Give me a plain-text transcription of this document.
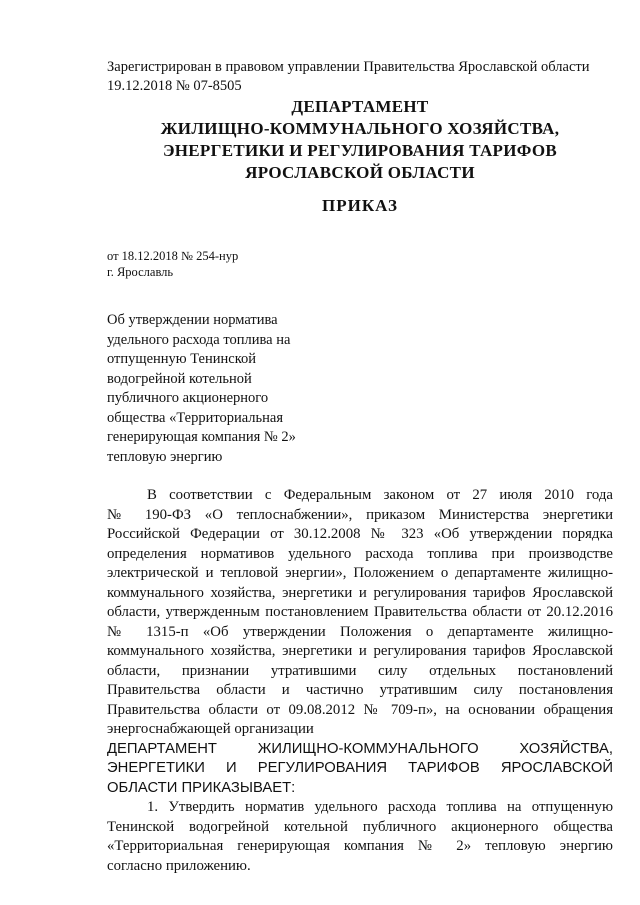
Зарегистрирован в правовом управлении Правительства Ярославской области
19.12.2018 № 07-8505
ДЕПАРТАМЕНТ
ЖИЛИЩНО-КОММУНАЛЬНОГО ХОЗЯЙСТВА,
ЭНЕРГЕТИКИ И РЕГУЛИРОВАНИЯ ТАРИФОВ
ЯРОСЛАВСКОЙ ОБЛАСТИ
ПРИКАЗ
от 18.12.2018 № 254-нур
г. Ярославль
Об утверждении норматива
удельного расхода топлива на
отпущенную Тенинской
водогрейной котельной
публичного акционерного
общества «Территориальная
генерирующая компания № 2»
тепловую энергию
В соответствии с Федеральным законом от 27 июля 2010 года
№ 190-ФЗ «О теплоснабжении», приказом Министерства энергетики
Российской Федерации от 30.12.2008 № 323 «Об утверждении порядка
определения нормативов удельного расхода топлива при производстве
электрической и тепловой энергии», Положением о департаменте жилищно-
коммунального хозяйства, энергетики и регулирования тарифов Ярославской
области, утвержденным постановлением Правительства области от 20.12.2016
№ 1315-п «Об утверждении Положения о департаменте жилищно-
коммунального хозяйства, энергетики и регулирования тарифов Ярославской
области, признании утратившими силу отдельных постановлений
Правительства области и частично утратившим силу постановления
Правительства области от 09.08.2012 № 709-п», на основании обращения
энергоснабжающей организации
ДЕПАРТАМЕНТ ЖИЛИЩНО-КОММУНАЛЬНОГО ХОЗЯЙСТВА,
ЭНЕРГЕТИКИ И РЕГУЛИРОВАНИЯ ТАРИФОВ ЯРОСЛАВСКОЙ
ОБЛАСТИ ПРИКАЗЫВАЕТ:
1. Утвердить норматив удельного расхода топлива на отпущенную
Тенинской водогрейной котельной публичного акционерного общества
«Территориальная генерирующая компания № 2» тепловую энергию
согласно приложению.
